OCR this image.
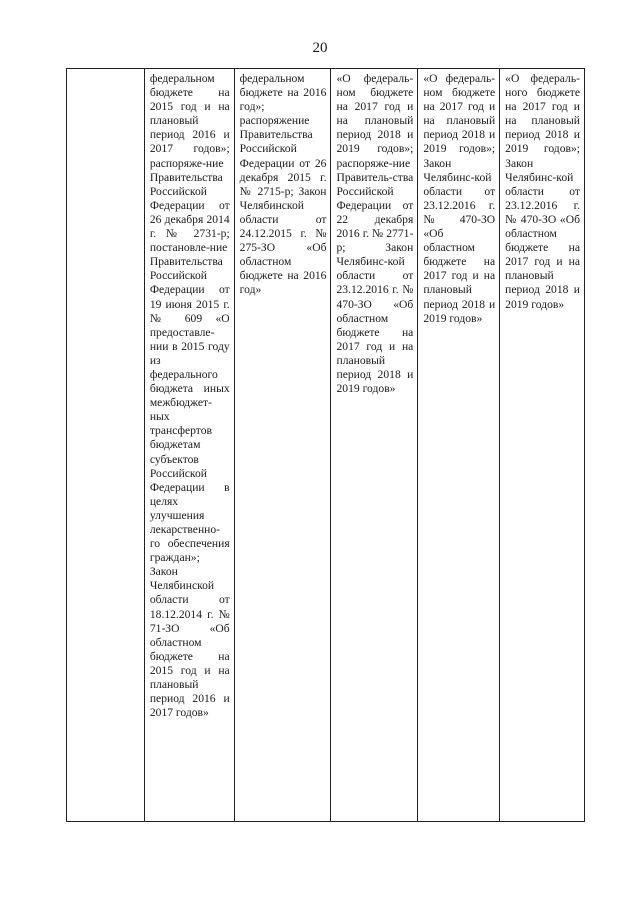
20
федеральном бюджете на 2015 год и на плановый период 2016 и 2017 годов»; распоряже-ние Правительства Российской Федерации от 26 декабря 2014 г. № 2731-р; постановле-ние Правительства Российской Федерации от 19 июня 2015 г. № 609 «О предоставле-нии в 2015 году из федерального бюджета иных межбюджет-ных трансфертов бюджетам субъектов Российской Федерации в целях улучшения лекарственно-го обеспечения граждан»; Закон Челябинской области от 18.12.2014 г. № 71-ЗО «Об областном бюджете на 2015 год и на плановый период 2016 и 2017 годов»
федеральном бюджете на 2016 год»; распоряжение Правительства Российской Федерации от 26 декабря 2015 г. № 2715-р; Закон Челябинской области от 24.12.2015 г. № 275-ЗО «Об областном бюджете на 2016 год»
«О федераль-ном бюджете на 2017 год и на плановый период 2018 и 2019 годов»; распоряже-ние Правитель-ства Российской Федерации от 22 декабря 2016 г. № 2771-р; Закон Челябинс-кой области от 23.12.2016 г. № 470-ЗО «Об областном бюджете на 2017 год и на плановый период 2018 и 2019 годов»
«О федераль-ном бюджете на 2017 год и на плановый период 2018 и 2019 годов»; Закон Челябинс-кой области от 23.12.2016 г. № 470-ЗО «Об областном бюджете на 2017 год и на плановый период 2018 и 2019 годов»
«О федераль-ного бюджете на 2017 год и на плановый период 2018 и 2019 годов»; Закон Челябинс-кой области от 23.12.2016 г. № 470-ЗО «Об областном бюджете на 2017 год и на плановый период 2018 и 2019 годов»
